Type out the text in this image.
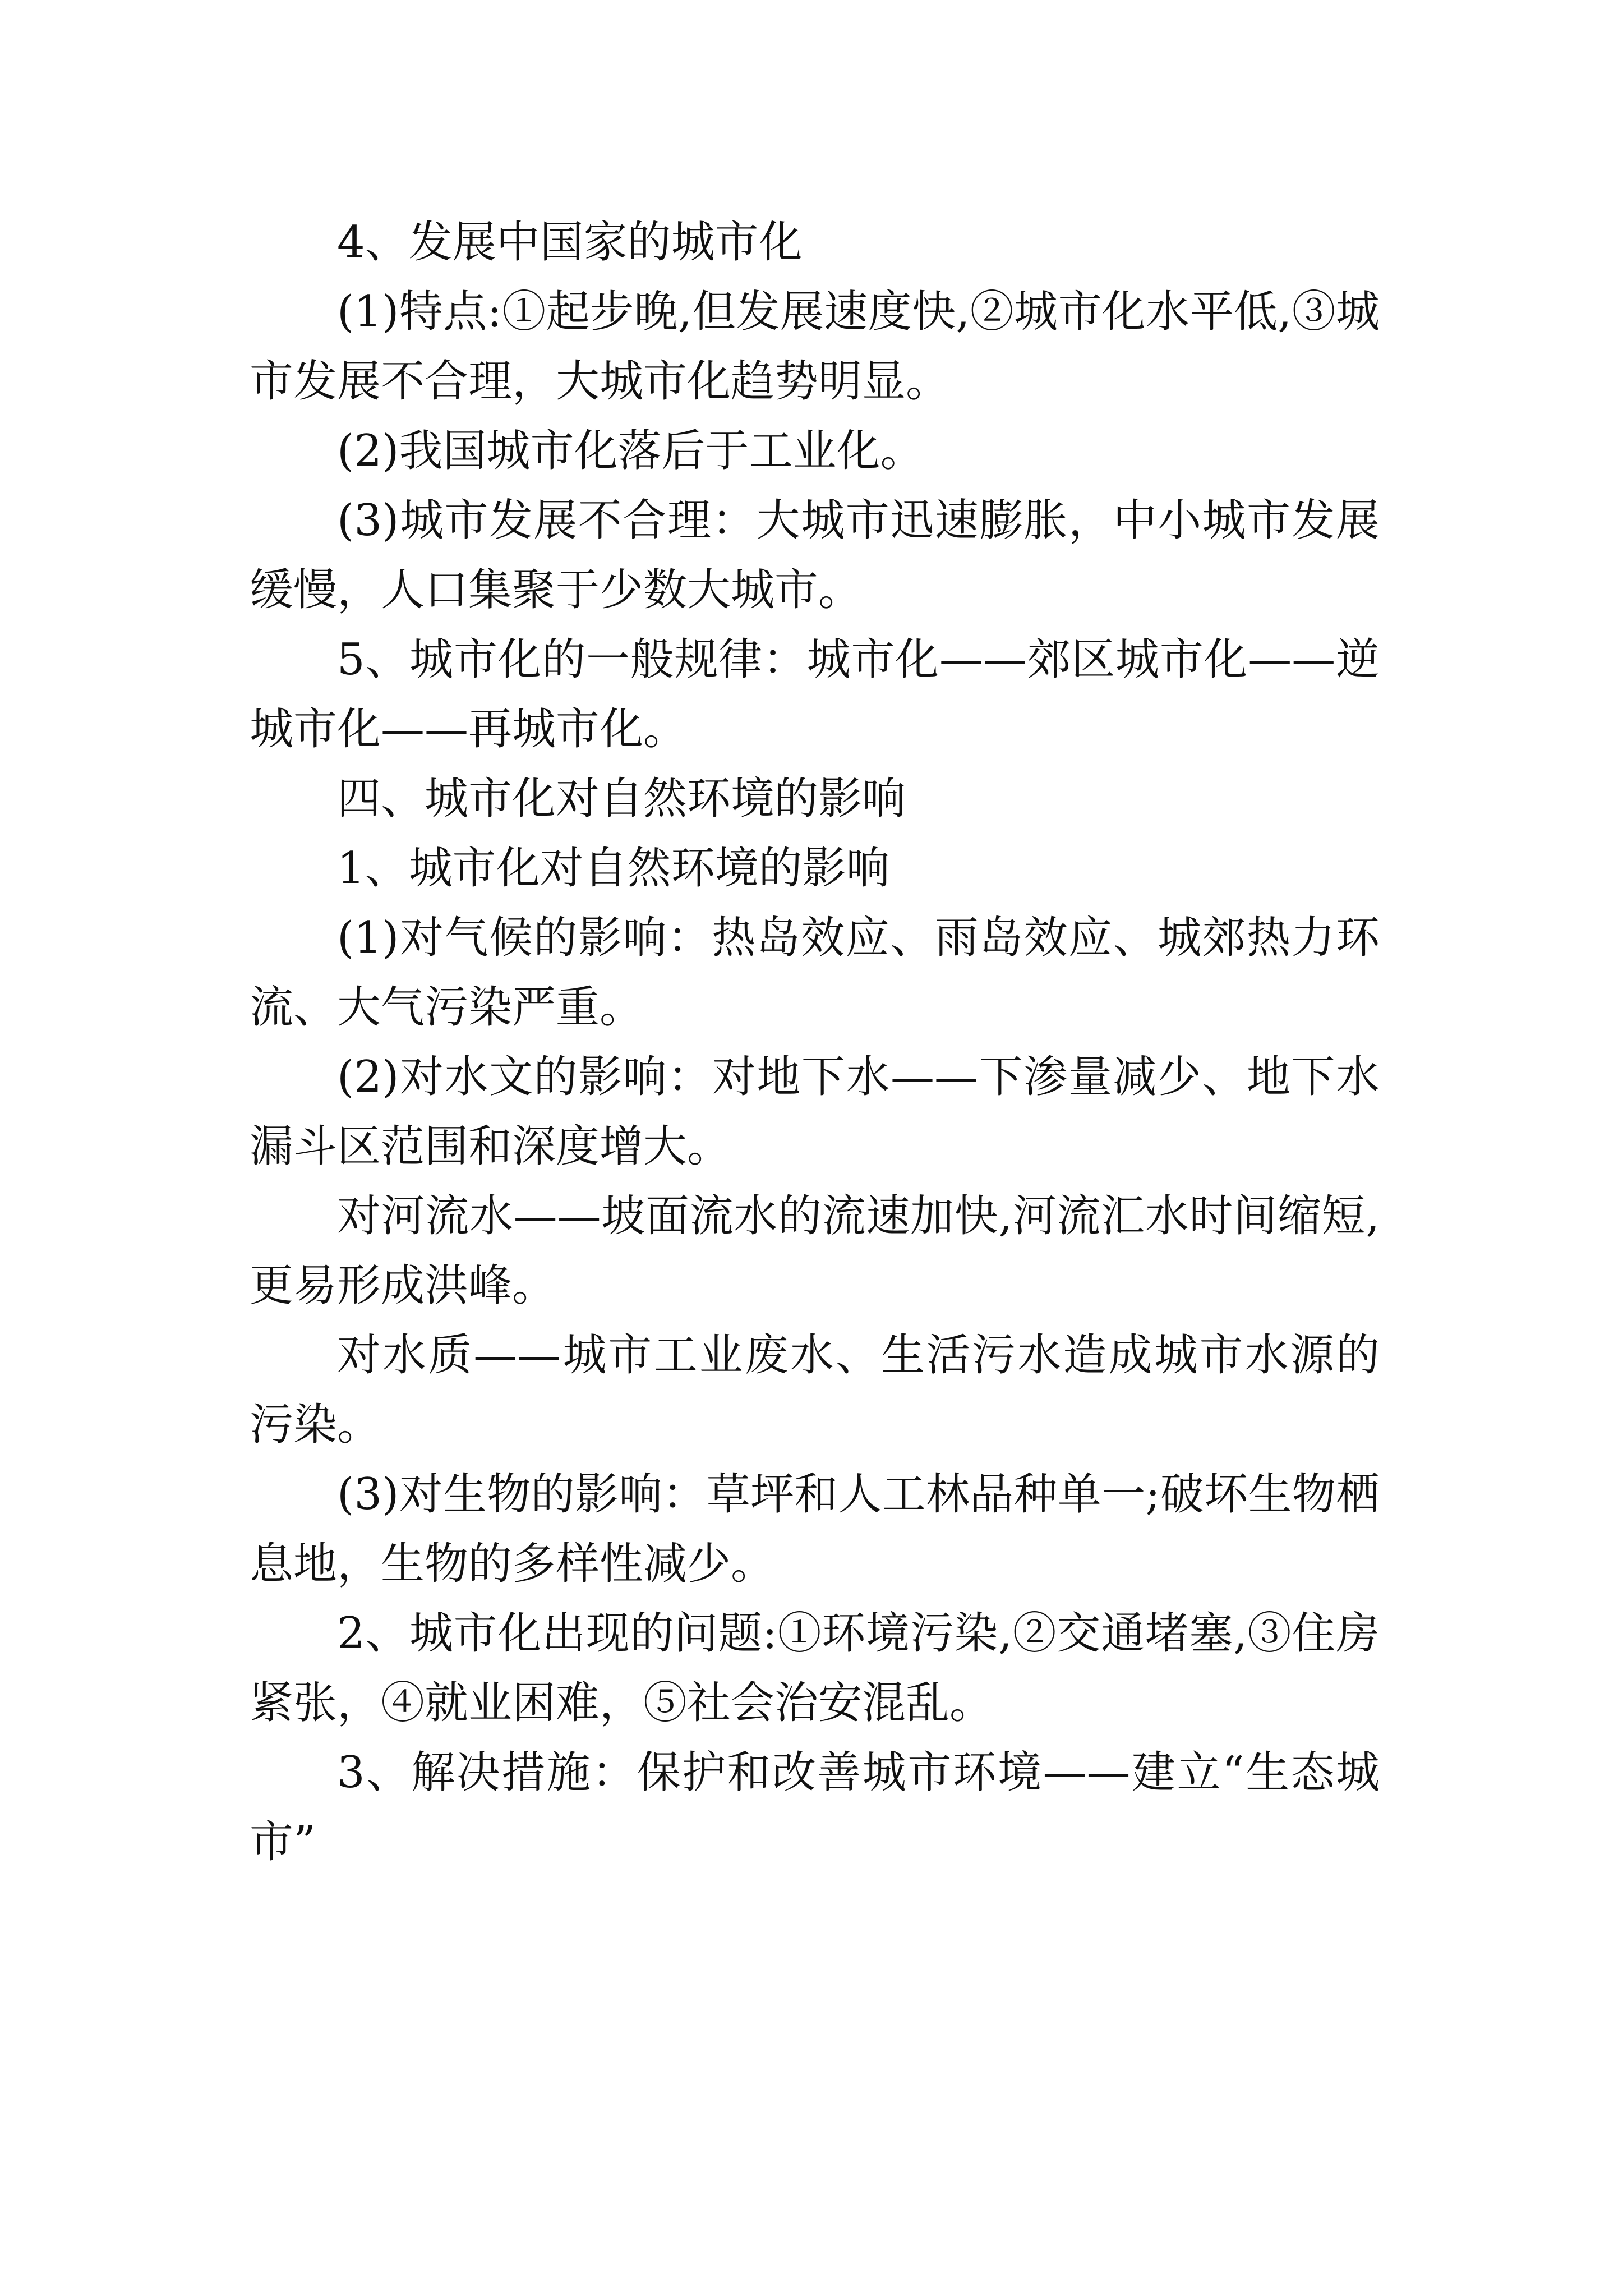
4、发展中国家的城市化

(1)特点:①起步晚,但发展速度快,②城市化水平低,③城市发展不合理，大城市化趋势明显。

(2)我国城市化落后于工业化。

(3)城市发展不合理：大城市迅速膨胀，中小城市发展缓慢，人口集聚于少数大城市。

5、城市化的一般规律：城市化——郊区城市化——逆城市化——再城市化。

四、城市化对自然环境的影响

1、城市化对自然环境的影响

(1)对气候的影响：热岛效应、雨岛效应、城郊热力环流、大气污染严重。

(2)对水文的影响：对地下水——下渗量减少、地下水漏斗区范围和深度增大。

对河流水——坡面流水的流速加快,河流汇水时间缩短,更易形成洪峰。

对水质——城市工业废水、生活污水造成城市水源的污染。

(3)对生物的影响：草坪和人工林品种单一;破坏生物栖息地，生物的多样性减少。

2、城市化出现的问题:①环境污染,②交通堵塞,③住房紧张，④就业困难，⑤社会治安混乱。

3、解决措施：保护和改善城市环境——建立“生态城市”
